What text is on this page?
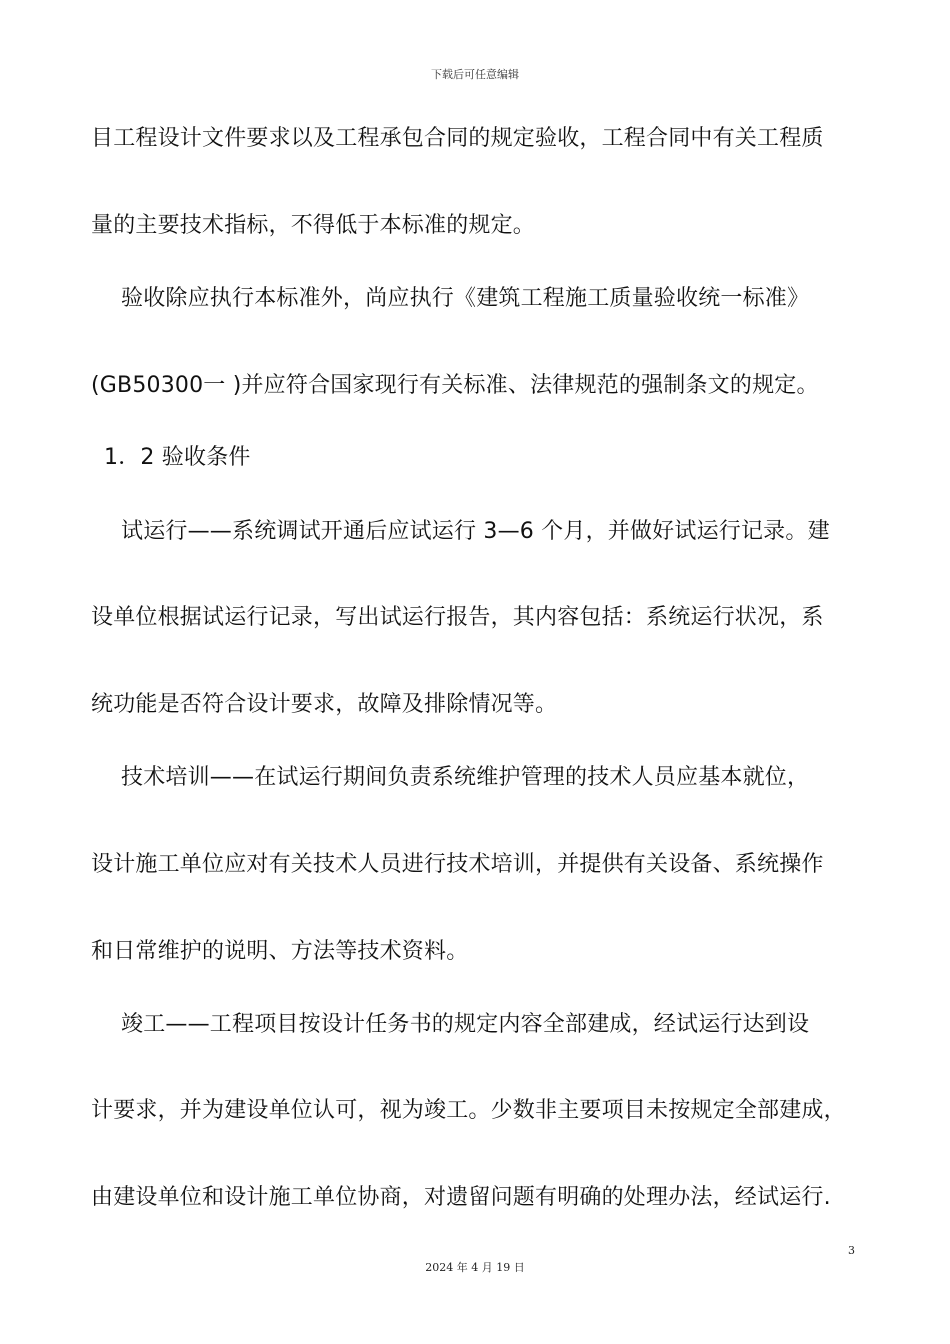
下载后可任意编辑
目工程设计文件要求以及工程承包合同的规定验收，工程合同中有关工程质
量的主要技术指标，不得低于本标准的规定。
验收除应执行本标准外，尚应执行《建筑工程施工质量验收统一标准》
(GB50300一 )并应符合国家现行有关标准、法律规范的强制条文的规定。
1．2 验收条件
试运行——系统调试开通后应试运行 3—6 个月，并做好试运行记录。建
设单位根据试运行记录，写出试运行报告，其内容包括：系统运行状况，系
统功能是否符合设计要求，故障及排除情况等。
技术培训——在试运行期间负责系统维护管理的技术人员应基本就位，
设计施工单位应对有关技术人员进行技术培训，并提供有关设备、系统操作
和日常维护的说明、方法等技术资料。
竣工——工程项目按设计任务书的规定内容全部建成，经试运行达到设
计要求，并为建设单位认可，视为竣工。少数非主要项目未按规定全部建成，
由建设单位和设计施工单位协商，对遗留问题有明确的处理办法，经试运行.
3
2024 年 4 月 19 日
